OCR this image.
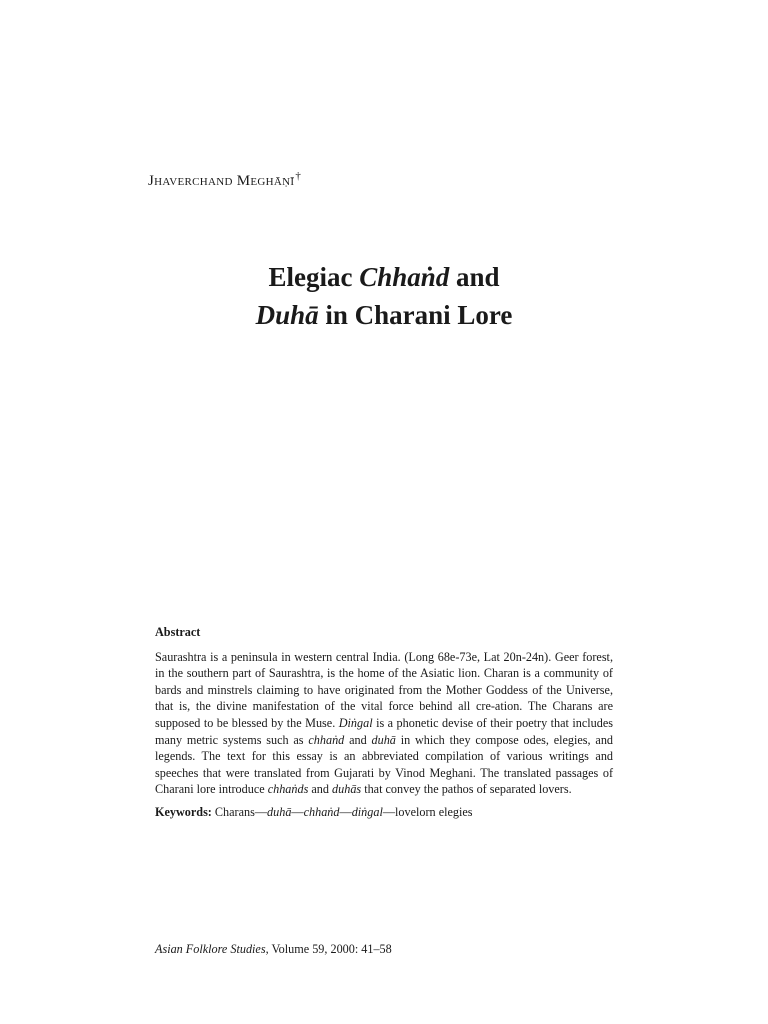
Jhaverchand Meghāṇī†
Elegiac Chhaṅd and
Duhā in Charani Lore
Abstract

Saurashtra is a peninsula in western central India. (Long 68e-73e, Lat 20n-24n). Geer forest, in the southern part of Saurashtra, is the home of the Asiatic lion. Charan is a community of bards and minstrels claiming to have originated from the Mother Goddess of the Universe, that is, the divine manifestation of the vital force behind all cre-ation. The Charans are supposed to be blessed by the Muse. Diṅgal is a phonetic devise of their poetry that includes many metric systems such as chhaṅd and duhā in which they compose odes, elegies, and legends. The text for this essay is an abbreviated compilation of various writings and speeches that were translated from Gujarati by Vinod Meghani. The translated passages of Charani lore introduce chhaṅds and duhās that convey the pathos of separated lovers.

Keywords: Charans—duhā—chhaṅd—diṅgal—lovelorn elegies
Asian Folklore Studies, Volume 59, 2000: 41–58
